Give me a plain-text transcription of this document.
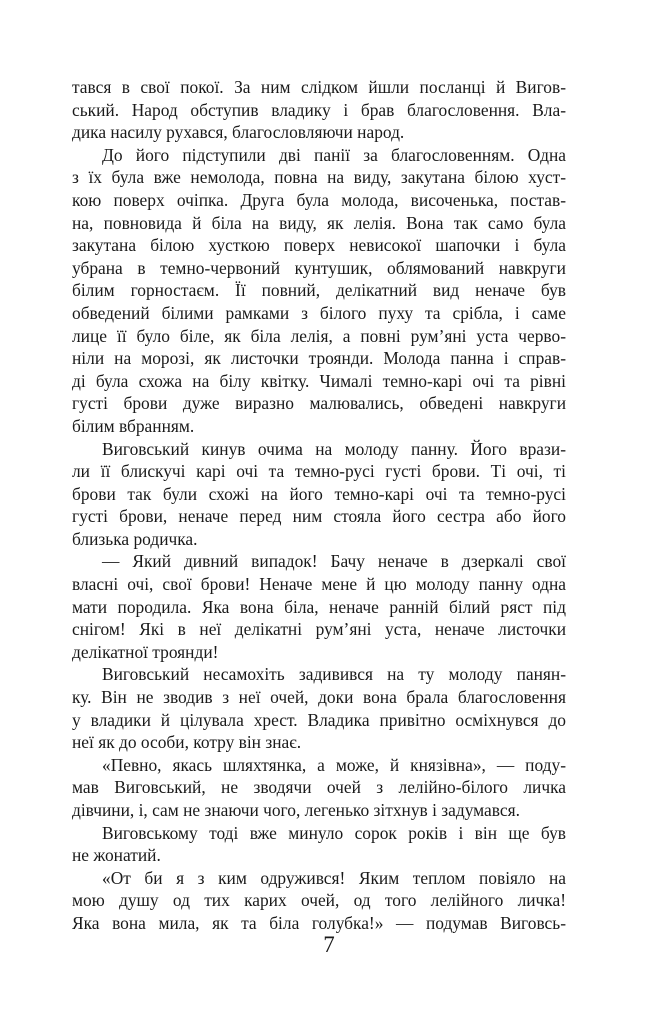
тався в свої покої. За ним слідком йшли посланці й Вигов-
ський. Народ обступив владику і брав благословення. Вла-
дика насилу рухався, благословляючи народ.
До його підступили дві панії за благословенням. Одна
з їх була вже немолода, повна на виду, закутана білою хуст-
кою поверх очіпка. Друга була молода, височенька, постав-
на, повновида й біла на виду, як лелія. Вона так само була
закутана білою хусткою поверх невисокої шапочки і була
убрана в темно-червоний кунтушик, облямований навкруги
білим горностаєм. Її повний, делікатний вид неначе був
обведений білими рамками з білого пуху та срібла, і саме
лице її було біле, як біла лелія, а повні рум’яні уста черво-
ніли на морозі, як листочки троянди. Молода панна і справ-
ді була схожа на білу квітку. Чималі темно-карі очі та рівні
густі брови дуже виразно малювались, обведені навкруги
білим вбранням.
Виговський кинув очима на молоду панну. Його врази-
ли її блискучі карі очі та темно-русі густі брови. Ті очі, ті
брови так були схожі на його темно-карі очі та темно-русі
густі брови, неначе перед ним стояла його сестра або його
близька родичка.
— Який дивний випадок! Бачу неначе в дзеркалі свої
власні очі, свої брови! Неначе мене й цю молоду панну одна
мати породила. Яка вона біла, неначе ранній білий ряст під
снігом! Які в неї делікатні рум’яні уста, неначе листочки
делікатної троянди!
Виговський несамохіть задивився на ту молоду панян-
ку. Він не зводив з неї очей, доки вона брала благословення
у владики й цілувала хрест. Владика привітно осміхнувся до
неї як до особи, котру він знає.
«Певно, якась шляхтянка, а може, й князівна», — поду-
мав Виговський, не зводячи очей з лелійно-білого личка
дівчини, і, сам не знаючи чого, легенько зітхнув і задумався.
Виговському тоді вже минуло сорок років і він ще був
не жонатий.
«От би я з ким одружився! Яким теплом повіяло на
мою душу од тих карих очей, од того лелійного личка!
Яка вона мила, як та біла голубка!» — подумав Виговсь-
7
